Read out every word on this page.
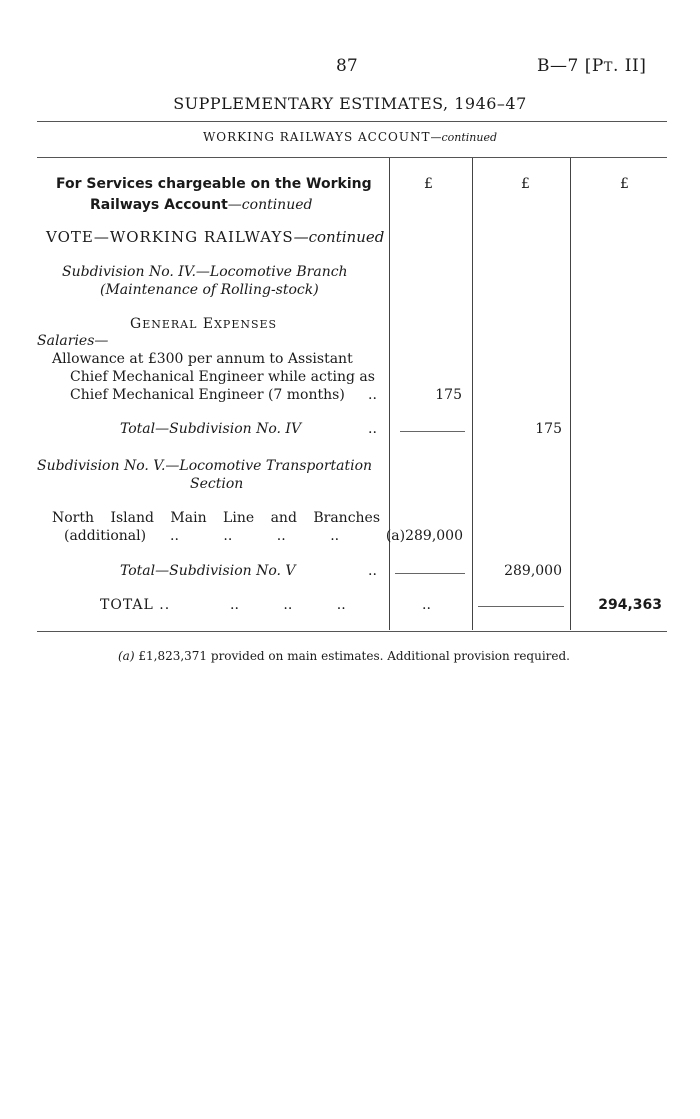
87	B—7 [PT. II]
SUPPLEMENTARY ESTIMATES, 1946–47
WORKING RAILWAYS ACCOUNT—continued
£	£	£
For Services chargeable on the Working
Railways Account—continued
VOTE—WORKING RAILWAYS—continued
Subdivision No. IV.—Locomotive Branch
(Maintenance of Rolling-stock)
GENERAL EXPENSES
Salaries—
Allowance at £300 per annum to Assistant
Chief Mechanical Engineer while acting as
Chief Mechanical Engineer (7 months) ..	175
Total—Subdivision No. IV	..	175
Subdivision No. V.—Locomotive Transportation
Section
North Island Main Line and Branches
(additional) ..          ..          ..          ..	(a)289,000
Total—Subdivision No. V	..	289,000
TOTAL ..	..          ..          ..	..	294,363
(a) £1,823,371 provided on main estimates. Additional provision required.
